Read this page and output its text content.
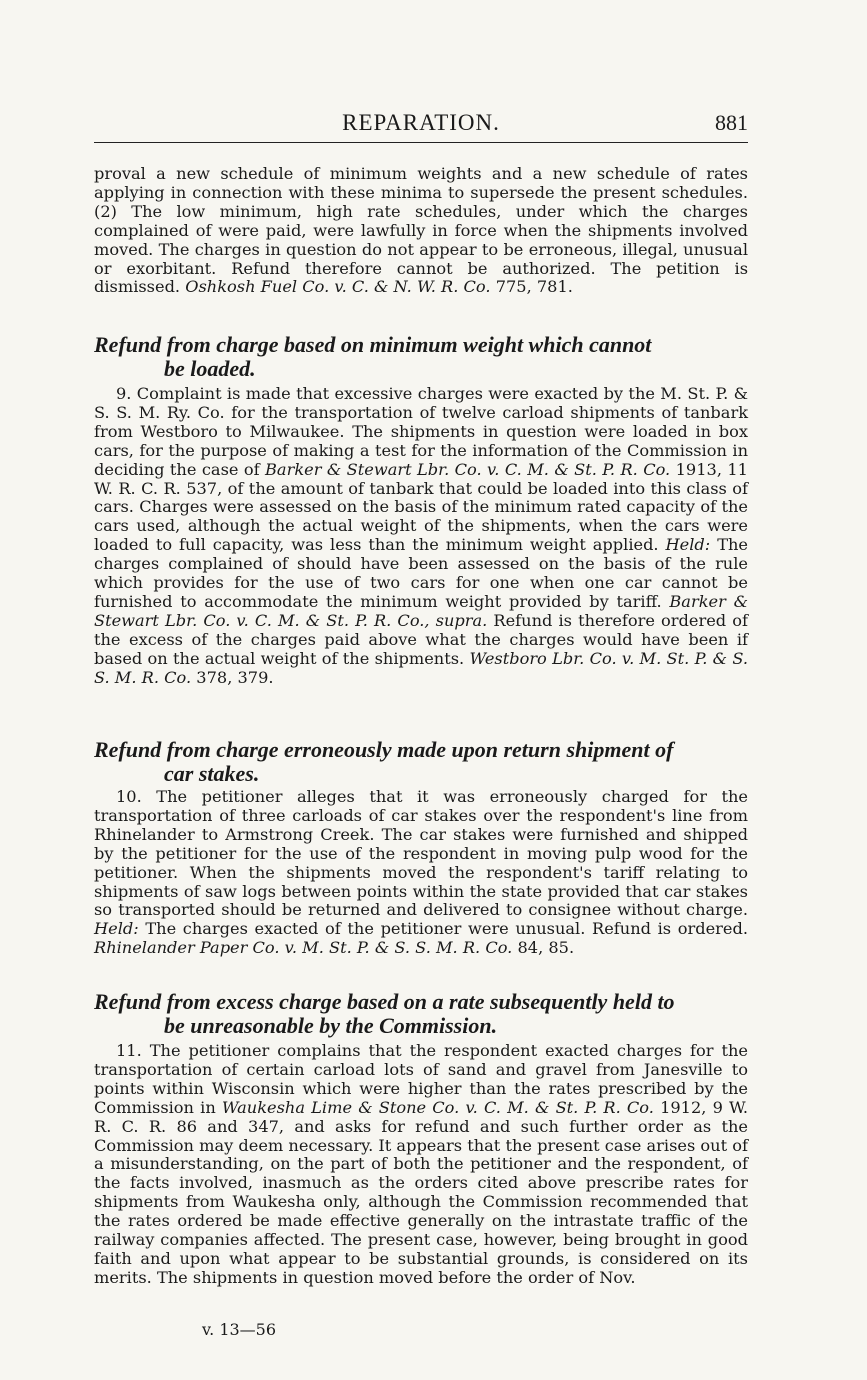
REPARATION.	881

proval a new schedule of minimum weights and a new schedule of rates applying in connection with these minima to supersede the present schedules. (2) The low minimum, high rate schedules, under which the charges complained of were paid, were lawfully in force when the shipments involved moved. The charges in question do not appear to be erroneous, illegal, unusual or exorbitant. Refund therefore cannot be authorized. The petition is dismissed. Oshkosh Fuel Co. v. C. & N. W. R. Co. 775, 781.

Refund from charge based on minimum weight which cannot
be loaded.

9. Complaint is made that excessive charges were exacted by the M. St. P. & S. S. M. Ry. Co. for the transportation of twelve carload shipments of tanbark from Westboro to Milwaukee. The shipments in question were loaded in box cars, for the purpose of making a test for the information of the Commission in deciding the case of Barker & Stewart Lbr. Co. v. C. M. & St. P. R. Co. 1913, 11 W. R. C. R. 537, of the amount of tanbark that could be loaded into this class of cars. Charges were assessed on the basis of the minimum rated capacity of the cars used, although the actual weight of the shipments, when the cars were loaded to full capacity, was less than the minimum weight applied. Held: The charges complained of should have been assessed on the basis of the rule which provides for the use of two cars for one when one car cannot be furnished to accommodate the minimum weight provided by tariff. Barker & Stewart Lbr. Co. v. C. M. & St. P. R. Co., supra. Refund is therefore ordered of the excess of the charges paid above what the charges would have been if based on the actual weight of the shipments. Westboro Lbr. Co. v. M. St. P. & S. S. M. R. Co. 378, 379.

Refund from charge erroneously made upon return shipment of
car stakes.

10. The petitioner alleges that it was erroneously charged for the transportation of three carloads of car stakes over the respondent's line from Rhinelander to Armstrong Creek. The car stakes were furnished and shipped by the petitioner for the use of the respondent in moving pulp wood for the petitioner. When the shipments moved the respondent's tariff relating to shipments of saw logs between points within the state provided that car stakes so transported should be returned and delivered to consignee without charge. Held: The charges exacted of the petitioner were unusual. Refund is ordered. Rhinelander Paper Co. v. M. St. P. & S. S. M. R. Co. 84, 85.

Refund from excess charge based on a rate subsequently held to
be unreasonable by the Commission.

11. The petitioner complains that the respondent exacted charges for the transportation of certain carload lots of sand and gravel from Janesville to points within Wisconsin which were higher than the rates prescribed by the Commission in Waukesha Lime & Stone Co. v. C. M. & St. P. R. Co. 1912, 9 W. R. C. R. 86 and 347, and asks for refund and such further order as the Commission may deem necessary. It appears that the present case arises out of a misunderstanding, on the part of both the petitioner and the respondent, of the facts involved, inasmuch as the orders cited above prescribe rates for shipments from Waukesha only, although the Commission recommended that the rates ordered be made effective generally on the intrastate traffic of the railway companies affected. The present case, however, being brought in good faith and upon what appear to be substantial grounds, is considered on its merits. The shipments in question moved before the order of Nov.

v. 13—56
